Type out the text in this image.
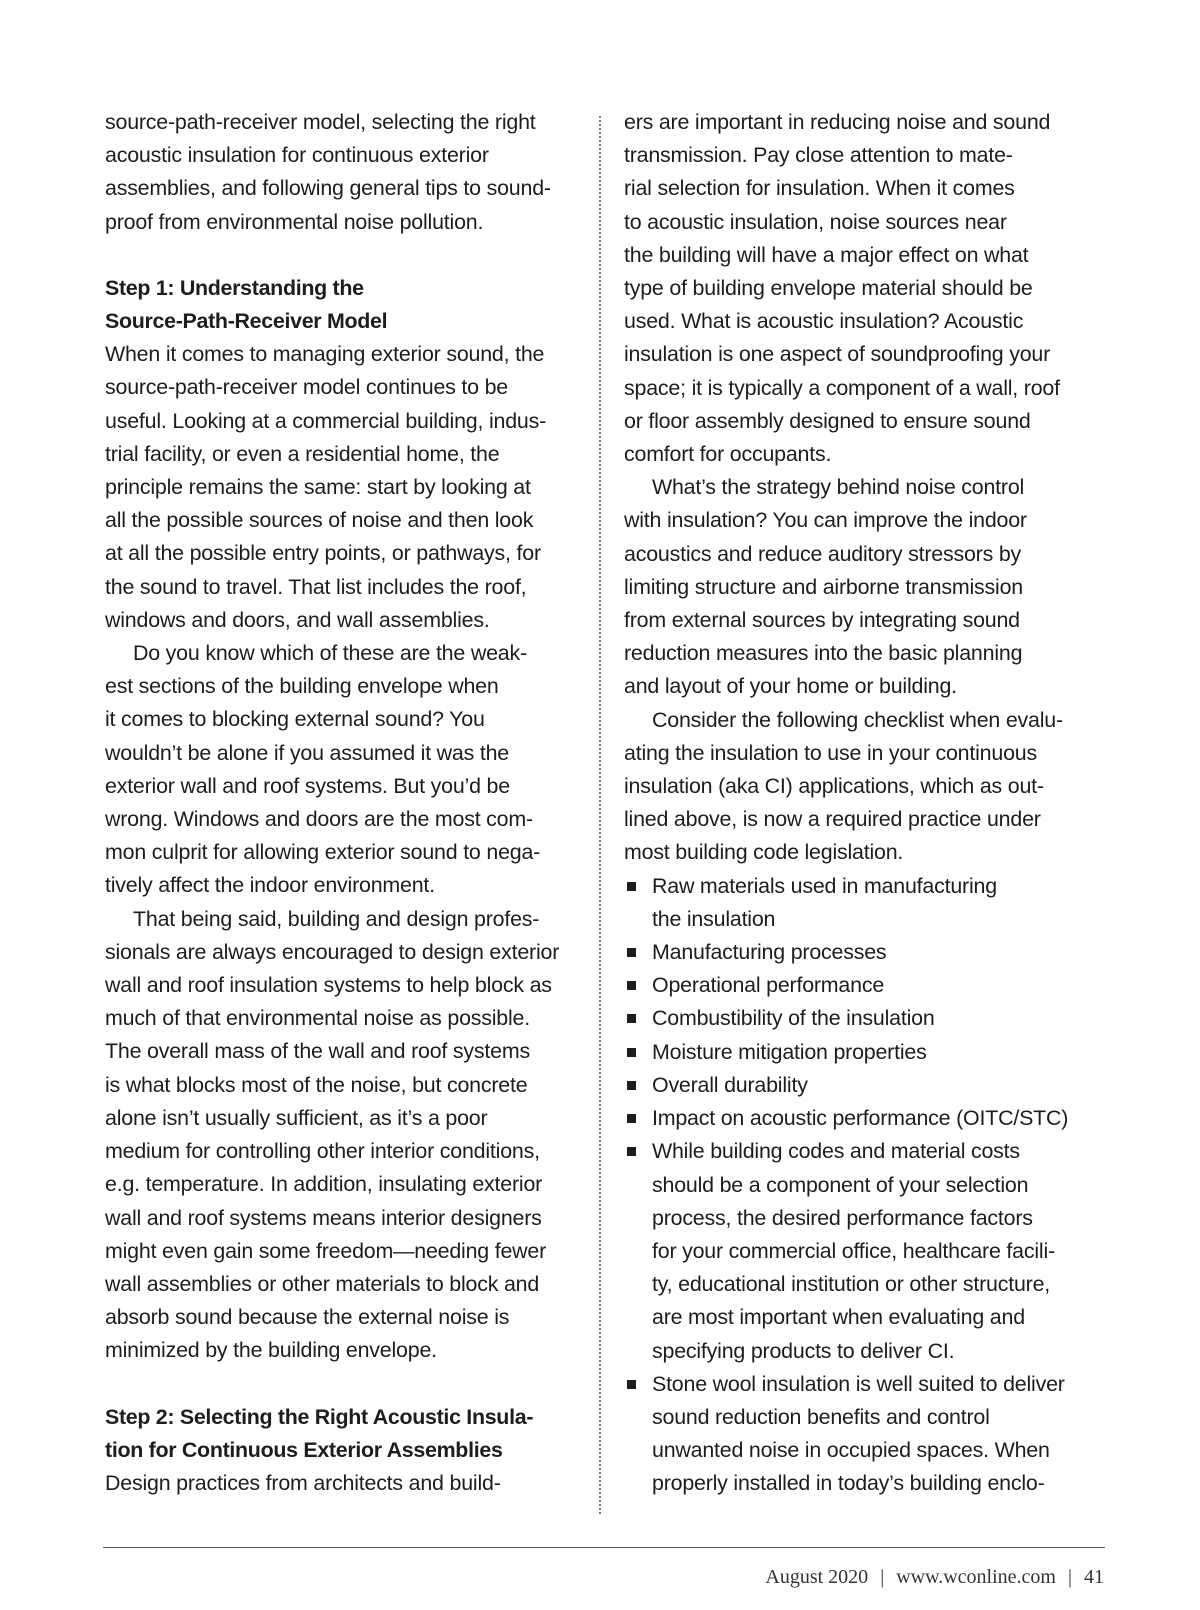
source-path-receiver model, selecting the right
acoustic insulation for continuous exterior
assemblies, and following general tips to sound-
proof from environmental noise pollution.

Step 1: Understanding the
Source-Path-Receiver Model

When it comes to managing exterior sound, the
source-path-receiver model continues to be
useful. Looking at a commercial building, indus-
trial facility, or even a residential home, the
principle remains the same: start by looking at
all the possible sources of noise and then look
at all the possible entry points, or pathways, for
the sound to travel. That list includes the roof,
windows and doors, and wall assemblies.

Do you know which of these are the weak-
est sections of the building envelope when
it comes to blocking external sound? You
wouldn’t be alone if you assumed it was the
exterior wall and roof systems. But you’d be
wrong. Windows and doors are the most com-
mon culprit for allowing exterior sound to nega-
tively affect the indoor environment.

That being said, building and design profes-
sionals are always encouraged to design exterior
wall and roof insulation systems to help block as
much of that environmental noise as possible.
The overall mass of the wall and roof systems
is what blocks most of the noise, but concrete
alone isn’t usually sufficient, as it’s a poor
medium for controlling other interior conditions,
e.g. temperature. In addition, insulating exterior
wall and roof systems means interior designers
might even gain some freedom—needing fewer
wall assemblies or other materials to block and
absorb sound because the external noise is
minimized by the building envelope.

Step 2: Selecting the Right Acoustic Insula-
tion for Continuous Exterior Assemblies

Design practices from architects and build-

ers are important in reducing noise and sound
transmission. Pay close attention to mate-
rial selection for insulation. When it comes
to acoustic insulation, noise sources near
the building will have a major effect on what
type of building envelope material should be
used. What is acoustic insulation? Acoustic
insulation is one aspect of soundproofing your
space; it is typically a component of a wall, roof
or floor assembly designed to ensure sound
comfort for occupants.

What’s the strategy behind noise control
with insulation? You can improve the indoor
acoustics and reduce auditory stressors by
limiting structure and airborne transmission
from external sources by integrating sound
reduction measures into the basic planning
and layout of your home or building.

Consider the following checklist when evalu-
ating the insulation to use in your continuous
insulation (aka CI) applications, which as out-
lined above, is now a required practice under
most building code legislation.

Raw materials used in manufacturing
the insulation
Manufacturing processes
Operational performance
Combustibility of the insulation
Moisture mitigation properties
Overall durability
Impact on acoustic performance (OITC/STC)
While building codes and material costs
should be a component of your selection
process, the desired performance factors
for your commercial office, healthcare facili-
ty, educational institution or other structure,
are most important when evaluating and
specifying products to deliver CI.
Stone wool insulation is well suited to deliver
sound reduction benefits and control
unwanted noise in occupied spaces. When
properly installed in today’s building enclo-
August 2020 | www.wconline.com | 41
